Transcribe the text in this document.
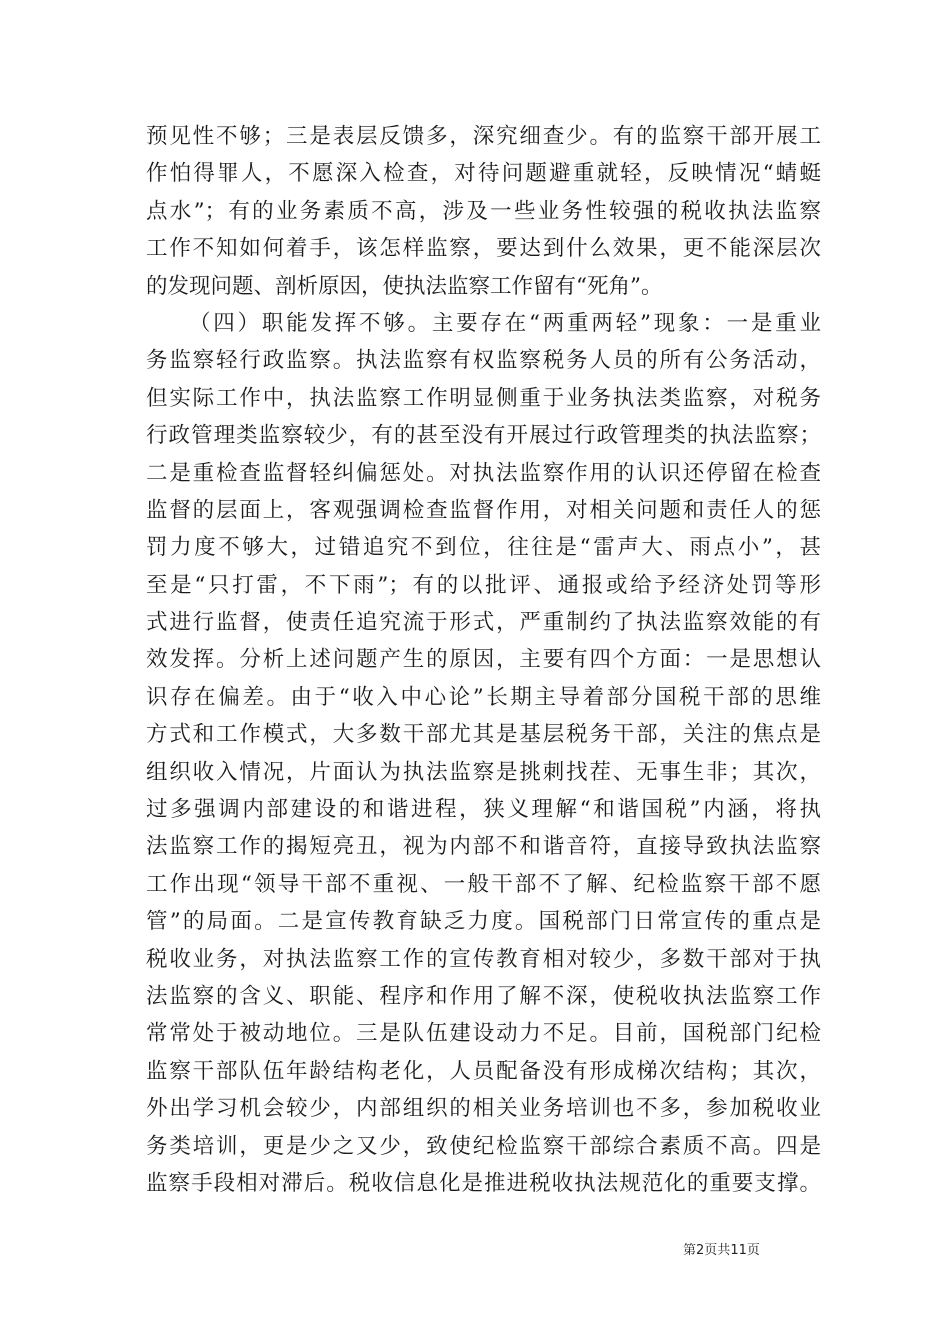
预见性不够；三是表层反馈多，深究细查少。有的监察干部开展工
作怕得罪人，不愿深入检查，对待问题避重就轻，反映情况“蜻蜓
点水”；有的业务素质不高，涉及一些业务性较强的税收执法监察
工作不知如何着手，该怎样监察，要达到什么效果，更不能深层次
的发现问题、剖析原因，使执法监察工作留有“死角”。
（四）职能发挥不够。主要存在“两重两轻”现象：一是重业
务监察轻行政监察。执法监察有权监察税务人员的所有公务活动，
但实际工作中，执法监察工作明显侧重于业务执法类监察，对税务
行政管理类监察较少，有的甚至没有开展过行政管理类的执法监察；
二是重检查监督轻纠偏惩处。对执法监察作用的认识还停留在检查
监督的层面上，客观强调检查监督作用，对相关问题和责任人的惩
罚力度不够大，过错追究不到位，往往是“雷声大、雨点小”，甚
至是“只打雷，不下雨”；有的以批评、通报或给予经济处罚等形
式进行监督，使责任追究流于形式，严重制约了执法监察效能的有
效发挥。分析上述问题产生的原因，主要有四个方面：一是思想认
识存在偏差。由于“收入中心论”长期主导着部分国税干部的思维
方式和工作模式，大多数干部尤其是基层税务干部，关注的焦点是
组织收入情况，片面认为执法监察是挑刺找茬、无事生非；其次，
过多强调内部建设的和谐进程，狭义理解“和谐国税”内涵，将执
法监察工作的揭短亮丑，视为内部不和谐音符，直接导致执法监察
工作出现“领导干部不重视、一般干部不了解、纪检监察干部不愿
管”的局面。二是宣传教育缺乏力度。国税部门日常宣传的重点是
税收业务，对执法监察工作的宣传教育相对较少，多数干部对于执
法监察的含义、职能、程序和作用了解不深，使税收执法监察工作
常常处于被动地位。三是队伍建设动力不足。目前，国税部门纪检
监察干部队伍年龄结构老化，人员配备没有形成梯次结构；其次，
外出学习机会较少，内部组织的相关业务培训也不多，参加税收业
务类培训，更是少之又少，致使纪检监察干部综合素质不高。四是
监察手段相对滞后。税收信息化是推进税收执法规范化的重要支撑。
第2页共11页
